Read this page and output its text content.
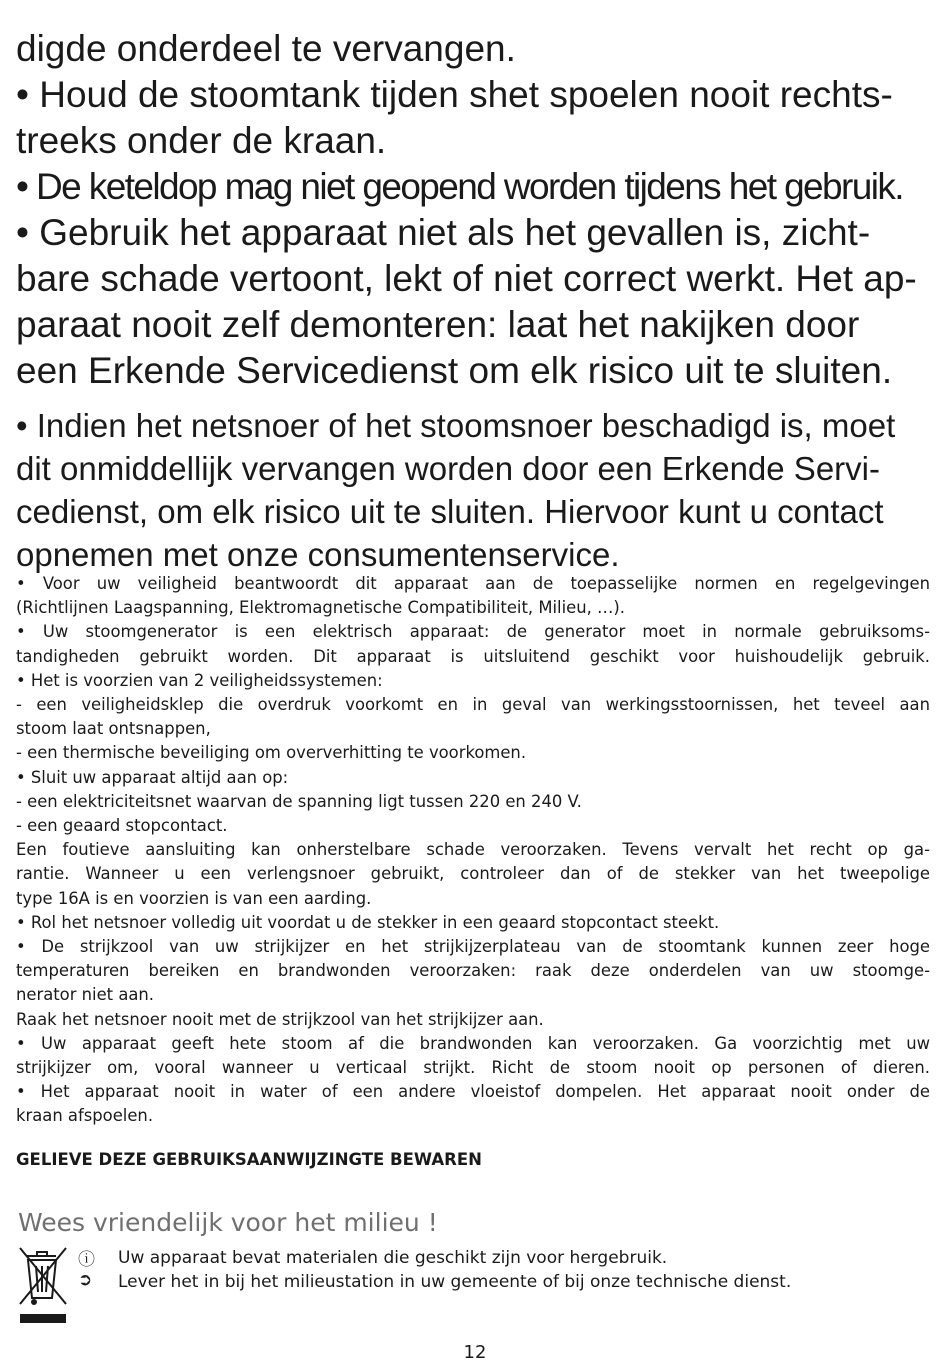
digde onderdeel te vervangen.

• Houd de stoomtank tijden shet spoelen nooit rechts-
treeks onder de kraan.

• De keteldop mag niet geopend worden tijdens het gebruik.

• Gebruik het apparaat niet als het gevallen is, zicht-
bare schade vertoont, lekt of niet correct werkt. Het ap-
paraat nooit zelf demonteren: laat het nakijken door
een Erkende Servicedienst om elk risico uit te sluiten.

• Indien het netsnoer of het stoomsnoer beschadigd is, moet
dit onmiddellijk vervangen worden door een Erkende Servi-
cedienst, om elk risico uit te sluiten. Hiervoor kunt u contact
opnemen met onze consumentenservice.

• Voor uw veiligheid beantwoordt dit apparaat aan de toepasselijke normen en regelgevingen
(Richtlijnen Laagspanning, Elektromagnetische Compatibiliteit, Milieu, …).
• Uw stoomgenerator is een elektrisch apparaat: de generator moet in normale gebruiksoms-
tandigheden gebruikt worden. Dit apparaat is uitsluitend geschikt voor huishoudelijk gebruik.
• Het is voorzien van 2 veiligheidssystemen:
- een veiligheidsklep die overdruk voorkomt en in geval van werkingsstoornissen, het teveel aan
stoom laat ontsnappen,
- een thermische beveiliging om oververhitting te voorkomen.
• Sluit uw apparaat altijd aan op:
- een elektriciteitsnet waarvan de spanning ligt tussen 220 en 240 V.
- een geaard stopcontact.
Een foutieve aansluiting kan onherstelbare schade veroorzaken. Tevens vervalt het recht op ga-
rantie. Wanneer u een verlengsnoer gebruikt, controleer dan of de stekker van het tweepolige
type 16A is en voorzien is van een aarding.
• Rol het netsnoer volledig uit voordat u de stekker in een geaard stopcontact steekt.
• De strijkzool van uw strijkijzer en het strijkijzerplateau van de stoomtank kunnen zeer hoge
temperaturen bereiken en brandwonden veroorzaken: raak deze onderdelen van uw stoomge-
nerator niet aan.
Raak het netsnoer nooit met de strijkzool van het strijkijzer aan.
• Uw apparaat geeft hete stoom af die brandwonden kan veroorzaken. Ga voorzichtig met uw
strijkijzer om, vooral wanneer u verticaal strijkt. Richt de stoom nooit op personen of dieren.
• Het apparaat nooit in water of een andere vloeistof dompelen. Het apparaat nooit onder de
kraan afspoelen.
GELIEVE DEZE GEBRUIKSAANWIJZINGTE BEWAREN
Wees vriendelijk voor het milieu !
ⓘ Uw apparaat bevat materialen die geschikt zijn voor hergebruik.
➲ Lever het in bij het milieustation in uw gemeente of bij onze technische dienst.
12
